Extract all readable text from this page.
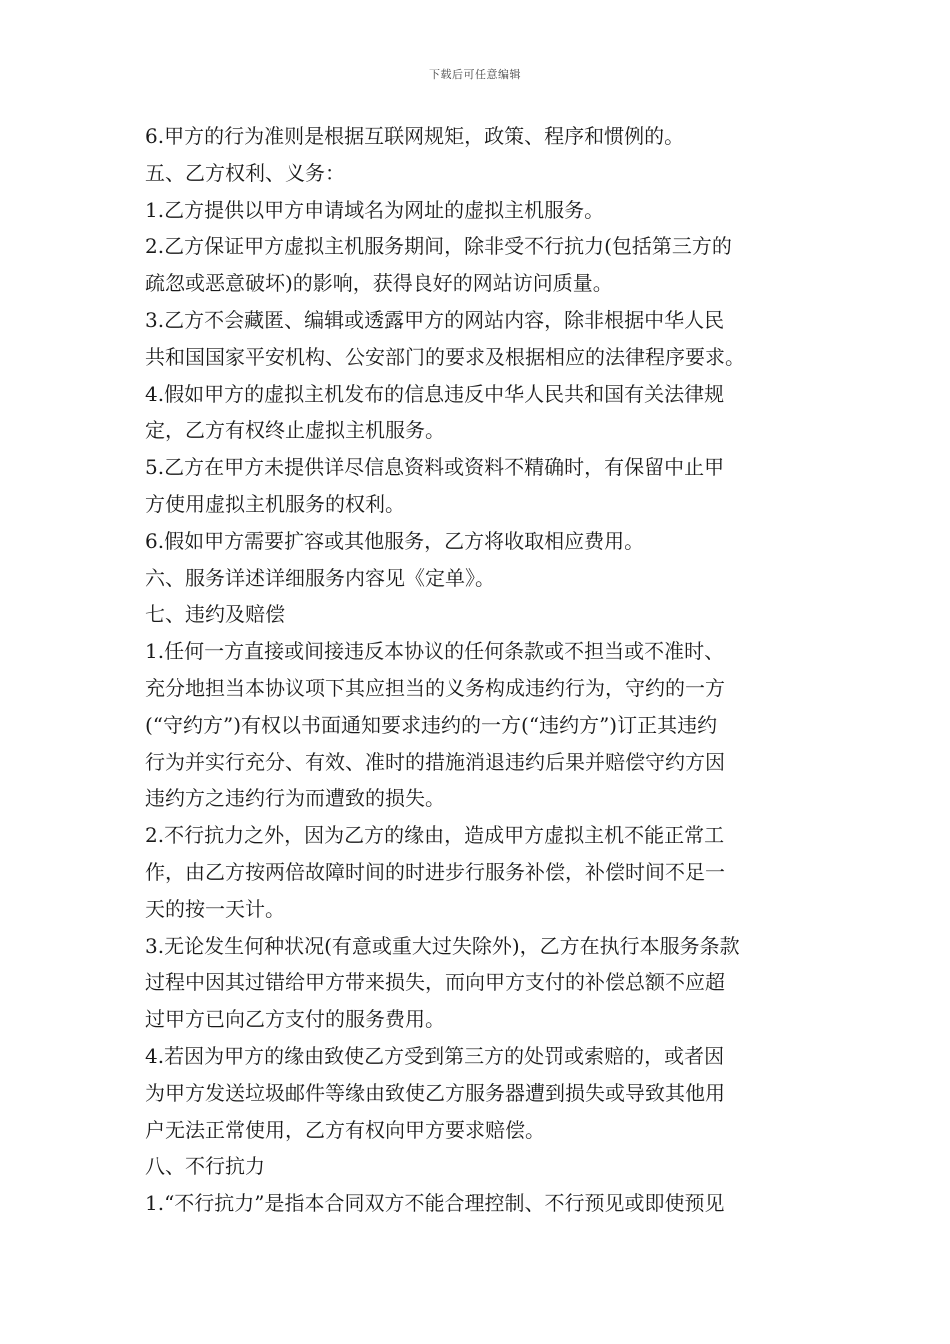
下载后可任意编辑
6.甲方的行为准则是根据互联网规矩，政策、程序和惯例的。
五、乙方权利、义务：
1.乙方提供以甲方申请域名为网址的虚拟主机服务。
2.乙方保证甲方虚拟主机服务期间，除非受不行抗力(包括第三方的
疏忽或恶意破坏)的影响，获得良好的网站访问质量。
3.乙方不会藏匿、编辑或透露甲方的网站内容，除非根据中华人民
共和国国家平安机构、公安部门的要求及根据相应的法律程序要求。
4.假如甲方的虚拟主机发布的信息违反中华人民共和国有关法律规
定，乙方有权终止虚拟主机服务。
5.乙方在甲方未提供详尽信息资料或资料不精确时，有保留中止甲
方使用虚拟主机服务的权利。
6.假如甲方需要扩容或其他服务，乙方将收取相应费用。
六、服务详述详细服务内容见《定单》。
七、违约及赔偿
1.任何一方直接或间接违反本协议的任何条款或不担当或不准时、
充分地担当本协议项下其应担当的义务构成违约行为，守约的一方
(“守约方”)有权以书面通知要求违约的一方(“违约方”)订正其违约
行为并实行充分、有效、准时的措施消退违约后果并赔偿守约方因
违约方之违约行为而遭致的损失。
2.不行抗力之外，因为乙方的缘由，造成甲方虚拟主机不能正常工
作，由乙方按两倍故障时间的时进步行服务补偿，补偿时间不足一
天的按一天计。
3.无论发生何种状况(有意或重大过失除外)，乙方在执行本服务条款
过程中因其过错给甲方带来损失，而向甲方支付的补偿总额不应超
过甲方已向乙方支付的服务费用。
4.若因为甲方的缘由致使乙方受到第三方的处罚或索赔的，或者因
为甲方发送垃圾邮件等缘由致使乙方服务器遭到损失或导致其他用
户无法正常使用，乙方有权向甲方要求赔偿。
八、不行抗力
1.“不行抗力”是指本合同双方不能合理控制、不行预见或即使预见
